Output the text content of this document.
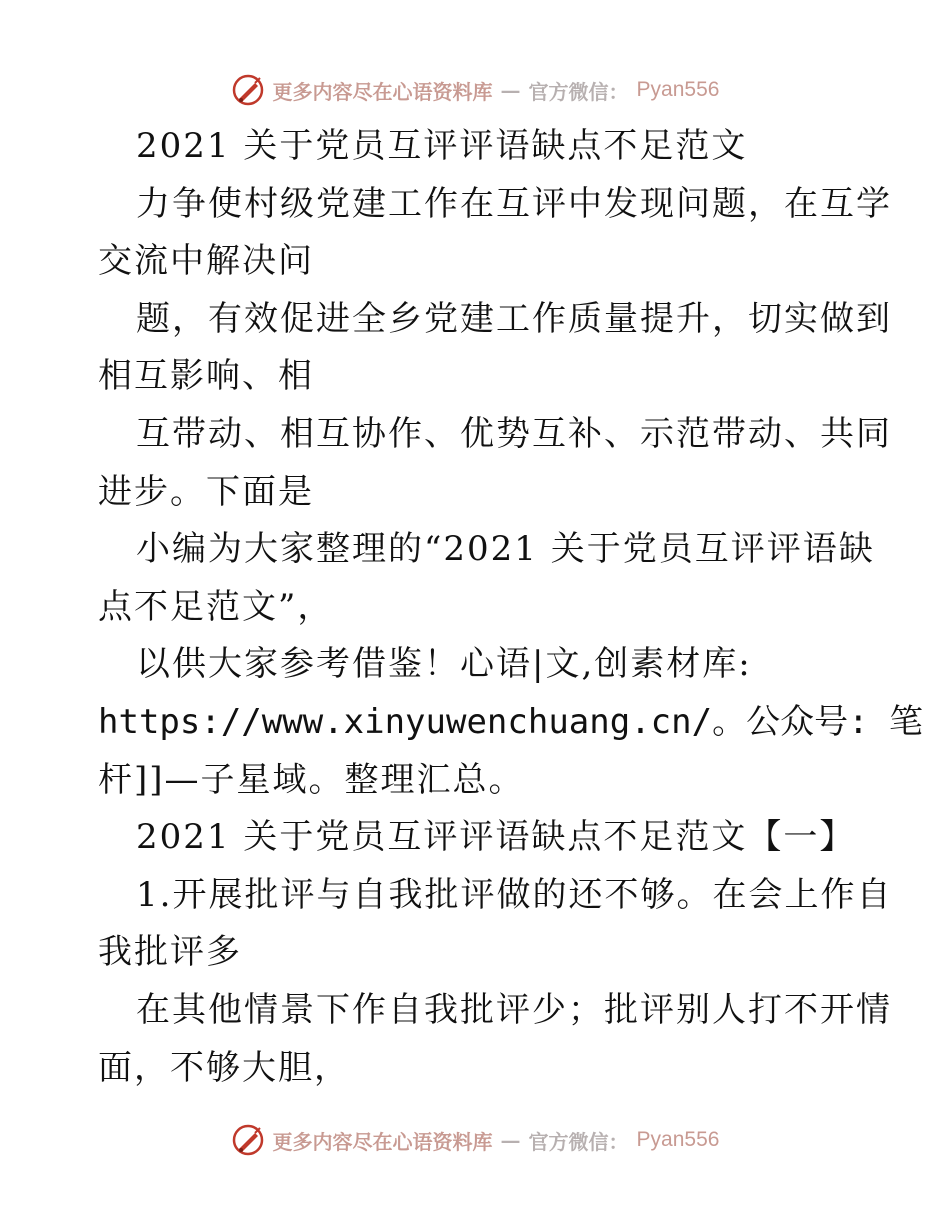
更多内容尽在心语资料库 — 官方微信： Pyan556
2021 关于党员互评评语缺点不足范文
力争使村级党建工作在互评中发现问题，在互学
交流中解决问
题，有效促进全乡党建工作质量提升，切实做到
相互影响、相
互带动、相互协作、优势互补、示范带动、共同
进步。下面是
小编为大家整理的“2021 关于党员互评评语缺
点不足范文”，
以供大家参考借鉴！心语|文,创素材库:
https://www.xinyuwenchuang.cn/。公众号: 笔
杆]]—子星域。整理汇总。
2021 关于党员互评评语缺点不足范文【一】
1.开展批评与自我批评做的还不够。在会上作自
我批评多
在其他情景下作自我批评少；批评别人打不开情
面，不够大胆，
更多内容尽在心语资料库 — 官方微信： Pyan556
